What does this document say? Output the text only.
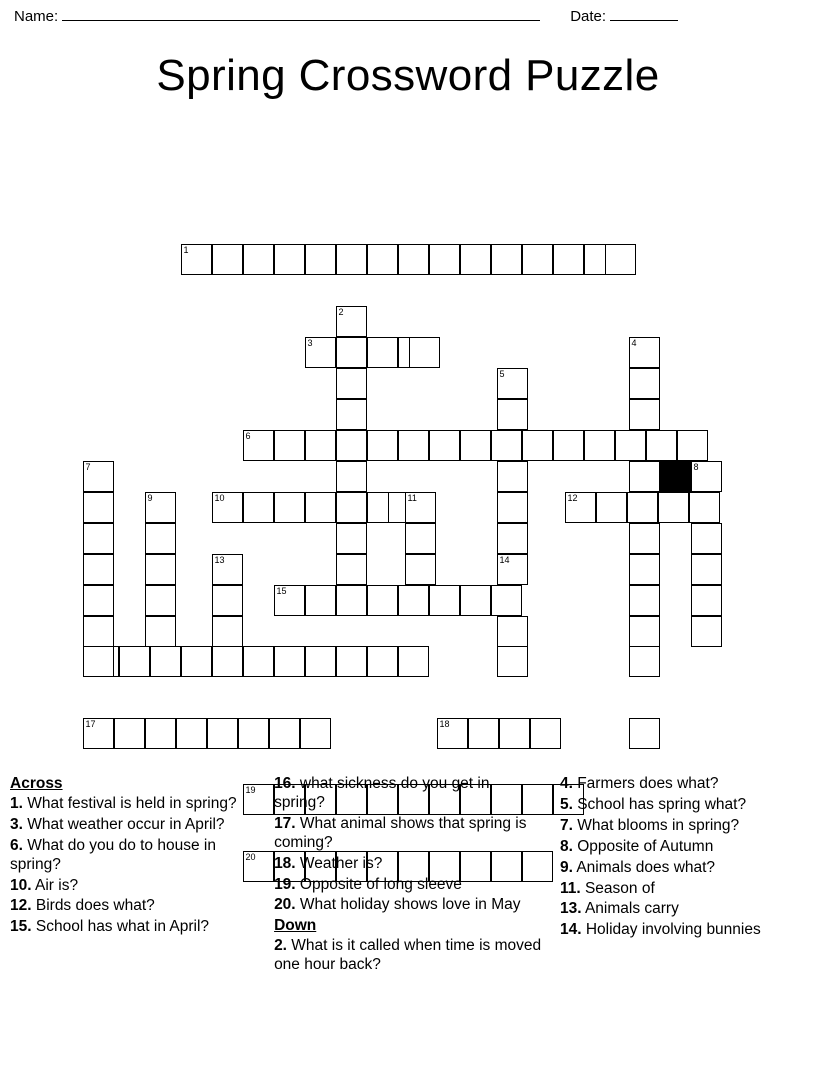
Name:	Date:
Spring Crossword Puzzle
1
2
3	4
5
6
7	8
9	10	11	12
13	14
15
17	18
19
20
Across
1. What festival is held in spring?
3. What weather occur in April?
6. What do you do to house in spring?
10. Air is?
12. Birds does what?
15. School has what in April?
16. what sickness do you get in spring?
17. What animal shows that spring is coming?
18. Weather is?
19. Opposite of long sleeve
20. What holiday shows love in May
Down
2. What is it called when time is moved one hour back?
4. Farmers does what?
5. School has spring what?
7. What blooms in spring?
8. Opposite of Autumn
9. Animals does what?
11. Season of
13. Animals carry
14. Holiday involving bunnies
